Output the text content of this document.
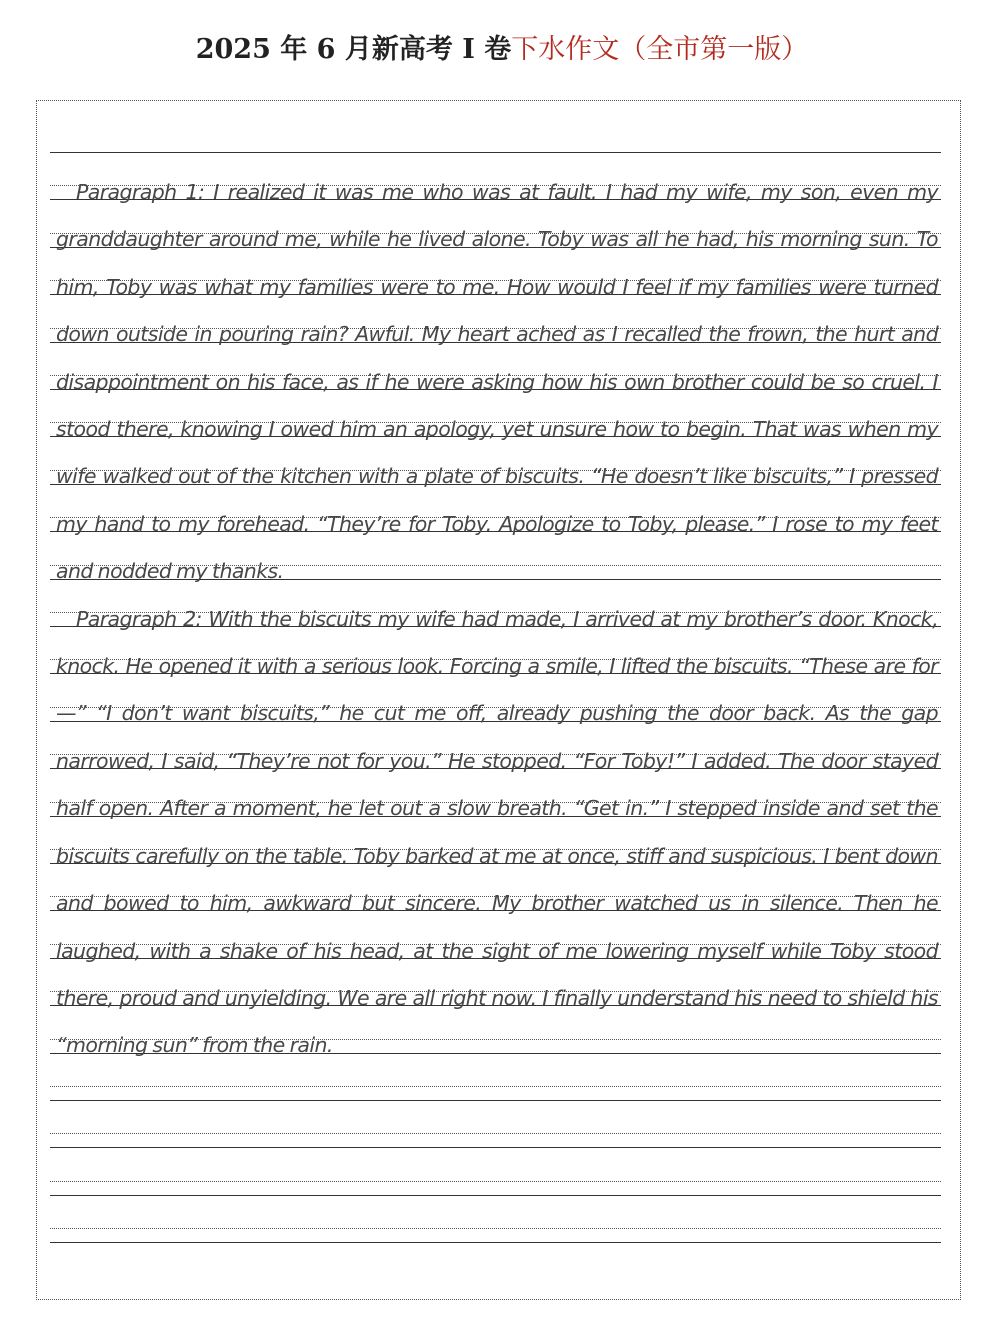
2025 年 6 月新高考 I 卷下水作文（全市第一版）

Paragraph 1: I realized it was me who was at fault. I had my wife, my son, even my granddaughter around me, while he lived alone. Toby was all he had, his morning sun. To him, Toby was what my families were to me. How would I feel if my families were turned down outside in pouring rain? Awful. My heart ached as I recalled the frown, the hurt and disappointment on his face, as if he were asking how his own brother could be so cruel. I stood there, knowing I owed him an apology, yet unsure how to begin. That was when my wife walked out of the kitchen with a plate of biscuits. “He doesn’t like biscuits,” I pressed my hand to my forehead. “They’re for Toby. Apologize to Toby, please.” I rose to my feet and nodded my thanks.

Paragraph 2: With the biscuits my wife had made, I arrived at my brother’s door. Knock, knock. He opened it with a serious look. Forcing a smile, I lifted the biscuits. “These are for—” “I don’t want biscuits,” he cut me off, already pushing the door back. As the gap narrowed, I said, “They’re not for you.” He stopped. “For Toby!” I added. The door stayed half open. After a moment, he let out a slow breath. “Get in.” I stepped inside and set the biscuits carefully on the table. Toby barked at me at once, stiff and suspicious. I bent down and bowed to him, awkward but sincere. My brother watched us in silence. Then he laughed, with a shake of his head, at the sight of me lowering myself while Toby stood there, proud and unyielding. We are all right now. I finally understand his need to shield his “morning sun” from the rain.
